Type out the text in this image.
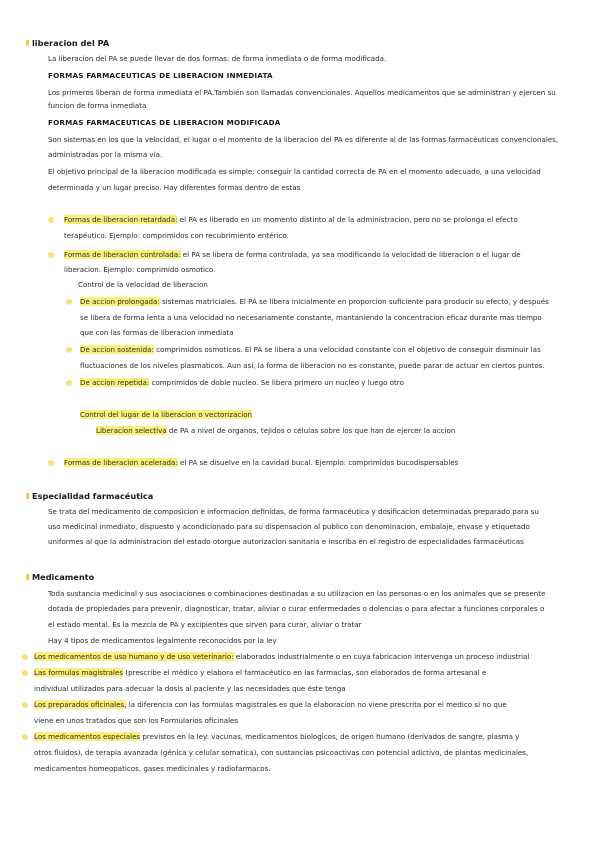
liberacion del PA
La liberacion del PA se puede llevar de dos formas: de forma inmediata o de forma modificada.
FORMAS FARMACEUTICAS DE LIBERACION INMEDIATA
Los primeros liberan de forma inmediata el PA.También son llamadas convencionales. Aquellos medicamentos que se administran y ejercen su
funcion de forma inmediata
FORMAS FARMACEUTICAS DE LIBERACION MODIFICADA
Son sistemas en los que la velocidad, el lugar o el momento de la liberacion del PA es diferente al de las formas farmacéuticas convencionales,
administradas por la misma via.
El objetivo principal de la liberacion modificada es simple: conseguir la cantidad correcta de PA en el momento adecuado, a una velocidad
determinada y un lugar preciso. Hay diferentes formas dentro de estas
Formas de liberacion retardada: el PA es liberado en un momento distinto al de la administracion, pero no se prolonga el efecto
terapéutico. Ejemplo: comprimidos con recubrimiento entérico.
Formas de liberacion controlada: el PA se libera de forma controlada, ya sea modificando la velocidad de liberacion o el lugar de
liberacion. Ejemplo: comprimido osmotico.
Control de la velocidad de liberacion
De accion prolongada: sistemas matriciales. El PA se libera inicialmente en proporcion suficiente para producir su efecto, y después
se libera de forma lenta a una velocidad no necesariamente constante, mantaniendo la concentracion eficaz durante mas tiempo
que con las formas de liberacion inmediata
De accion sostenida: comprimidos osmoticos. El PA se libera a una velocidad constante con el objetivo de conseguir disminuir las
fluctuaciones de los niveles plasmaticos. Aun asi, la forma de liberacion no es constante, puede parar de actuar en ciertos puntos.
De accion repetida: comprimidos de doble nucleo. Se libera primero un nucleo y luego otro
Control del lugar de la liberacion o vectorizacion
Liberacion selectiva de PA a nivel de organos, tejidos o células sobre los que han de ejercer la accion
Formas de liberacion acelerada: el PA se disuelve en la cavidad bucal. Ejemplo: comprimidos bucodispersables
Especialidad farmacéutica
Se trata del medicamento de composicion e informacion definidas, de forma farmacéutica y dosificacion determinadas preparado para su
uso medicinal inmediato, dispuesto y acondicionado para su dispensacion al publico con denominacion, embalaje, envase y etiquetado
uniformes al que la administracion del estado otorgue autorizacion sanitaria e inscriba en el registro de especialidades farmacéuticas
Medicamento
Toda sustancia medicinal y sus asociaciones o combinaciones destinadas a su utilizacion en las personas o en los animales que se presente
dotada de propiedades para prevenir, diagnosticar, tratar, aliviar o curar enfermedades o dolencias o para afectar a funciones corporales o
el estado mental. Es la mezcla de PA y excipientes que sirven para curar, aliviar o tratar
Hay 4 tipos de medicamentos legalmente reconocidos por la ley
Los medicamentos de uso humano y de uso veterinario: elaborados industrialmente o en cuya fabricacion intervenga un proceso industrial
Las formulas magistrales (prescribe el médico y elabora el farmacéutico en las farmacias, son elaborados de forma artesanal e
individual utilizados para adecuar la dosis al paciente y las necesidades que éste tenga
Los preparados oficinales, la diferencia con las formulas magistrales es que la elaboracion no viene prescrita por el medico si no que
viene en unos tratados que son los Formularios oficinales
Los medicamentos especiales previstos en la ley: vacunas, medicamentos biologicos, de origen humano (derivados de sangre, plasma y
otros fluidos), de terapia avanzada (génica y celular somatica), con sustancias psicoactivas con potencial adictivo, de plantas medicinales,
medicamentos homeopaticos, gases medicinales y radiofarmacos.
